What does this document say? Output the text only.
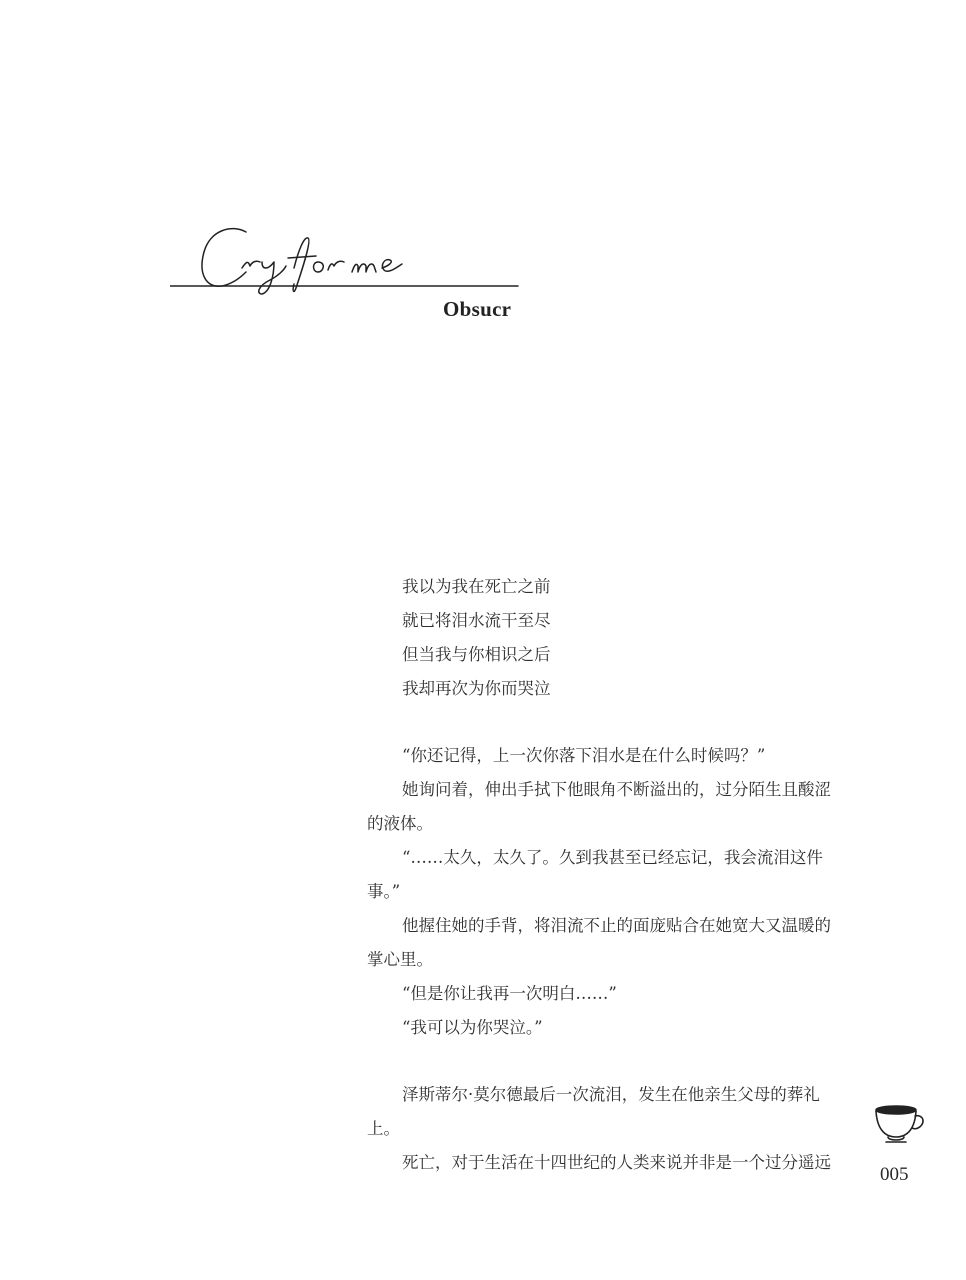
Obsucr

我以为我在死亡之前

就已将泪水流干至尽

但当我与你相识之后

我却再次为你而哭泣

“你还记得，上一次你落下泪水是在什么时候吗？”

她询问着，伸出手拭下他眼角不断溢出的，过分陌生且酸涩

的液体。

“……太久，太久了。久到我甚至已经忘记，我会流泪这件

事。”

他握住她的手背，将泪流不止的面庞贴合在她宽大又温暖的

掌心里。

“但是你让我再一次明白……”

“我可以为你哭泣。”

泽斯蒂尔·莫尔德最后一次流泪，发生在他亲生父母的葬礼上。

死亡，对于生活在十四世纪的人类来说并非是一个过分遥远

005
